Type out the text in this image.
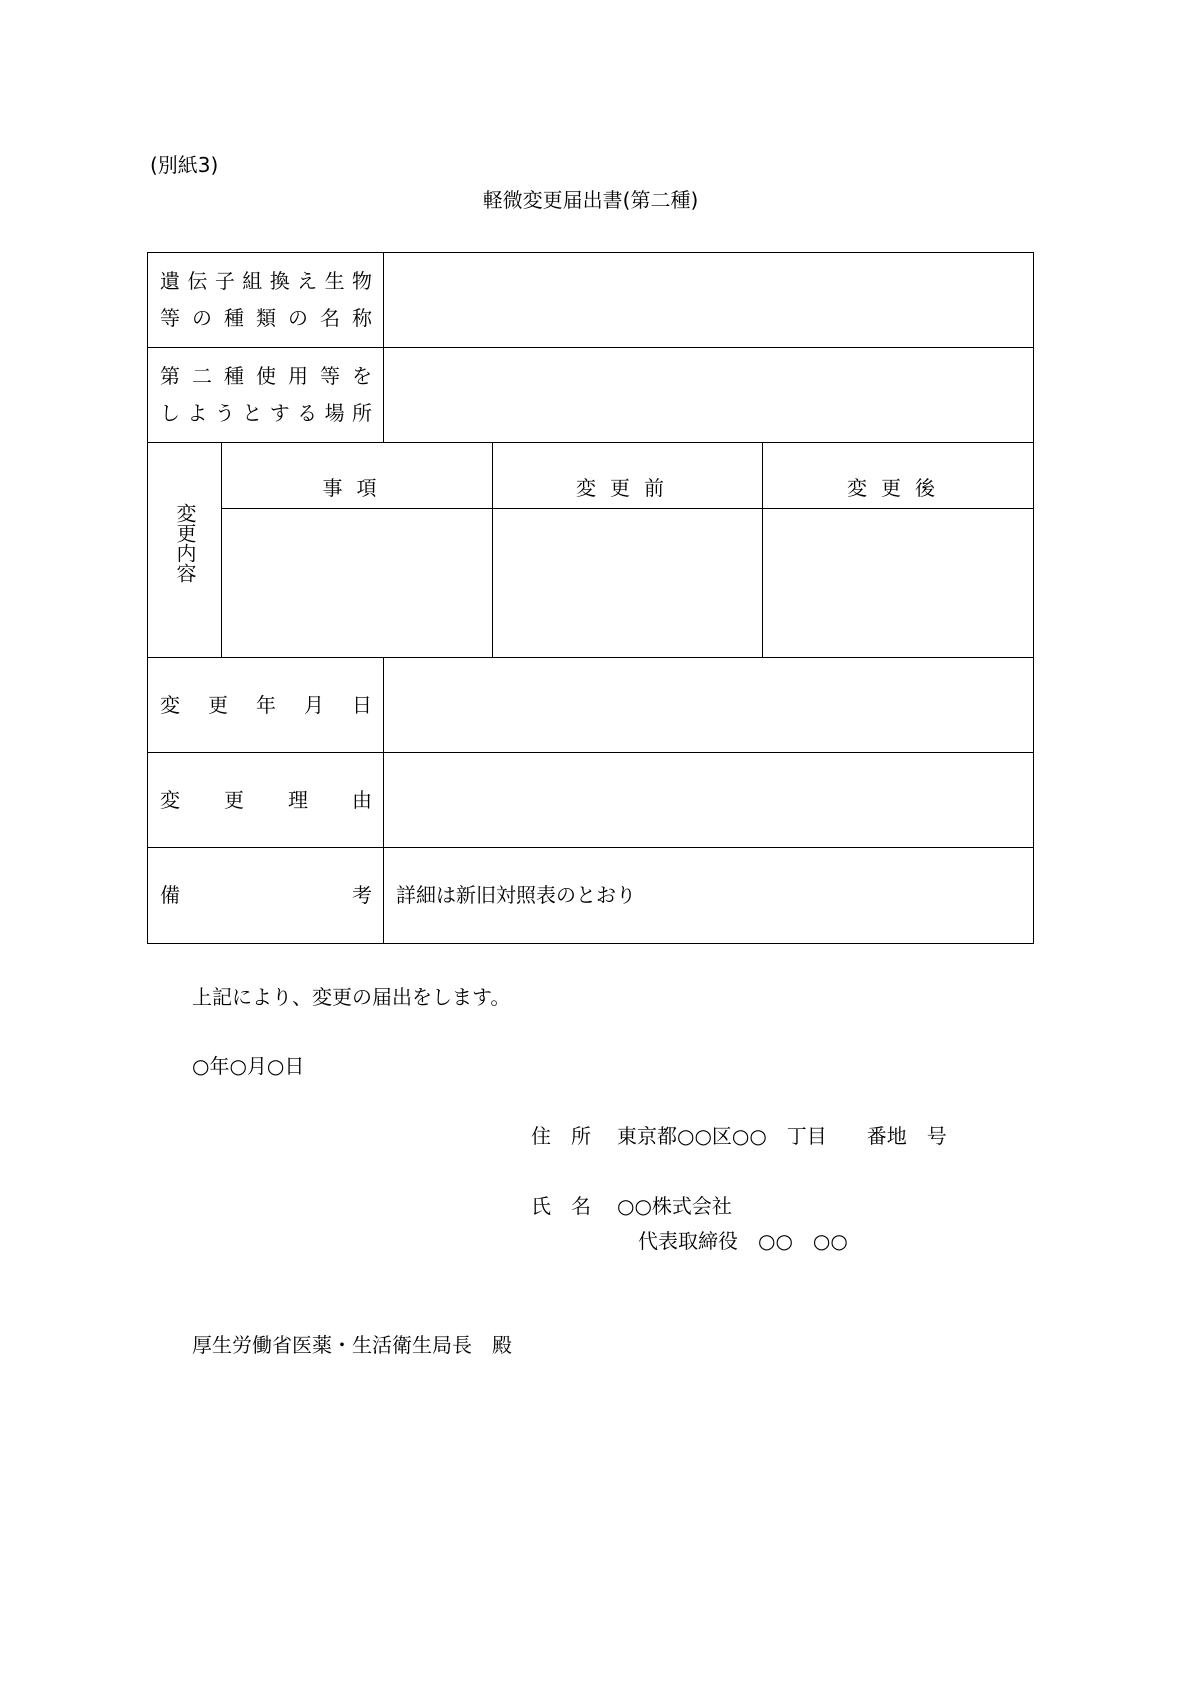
(別紙3)
軽微変更届出書(第二種)
遺伝子組換え生物
等の種類の名称
第二種使用等を
しようとする場所
変更内容
事項	変更前	変更後
変更年月日
変更理由
備考 詳細は新旧対照表のとおり
上記により、変更の届出をします。
○年○月○日
住　所 東京都○○区○○　丁目　　番地　号
氏　名 ○○株式会社
代表取締役　○○　○○
厚生労働省医薬・生活衛生局長　殿
